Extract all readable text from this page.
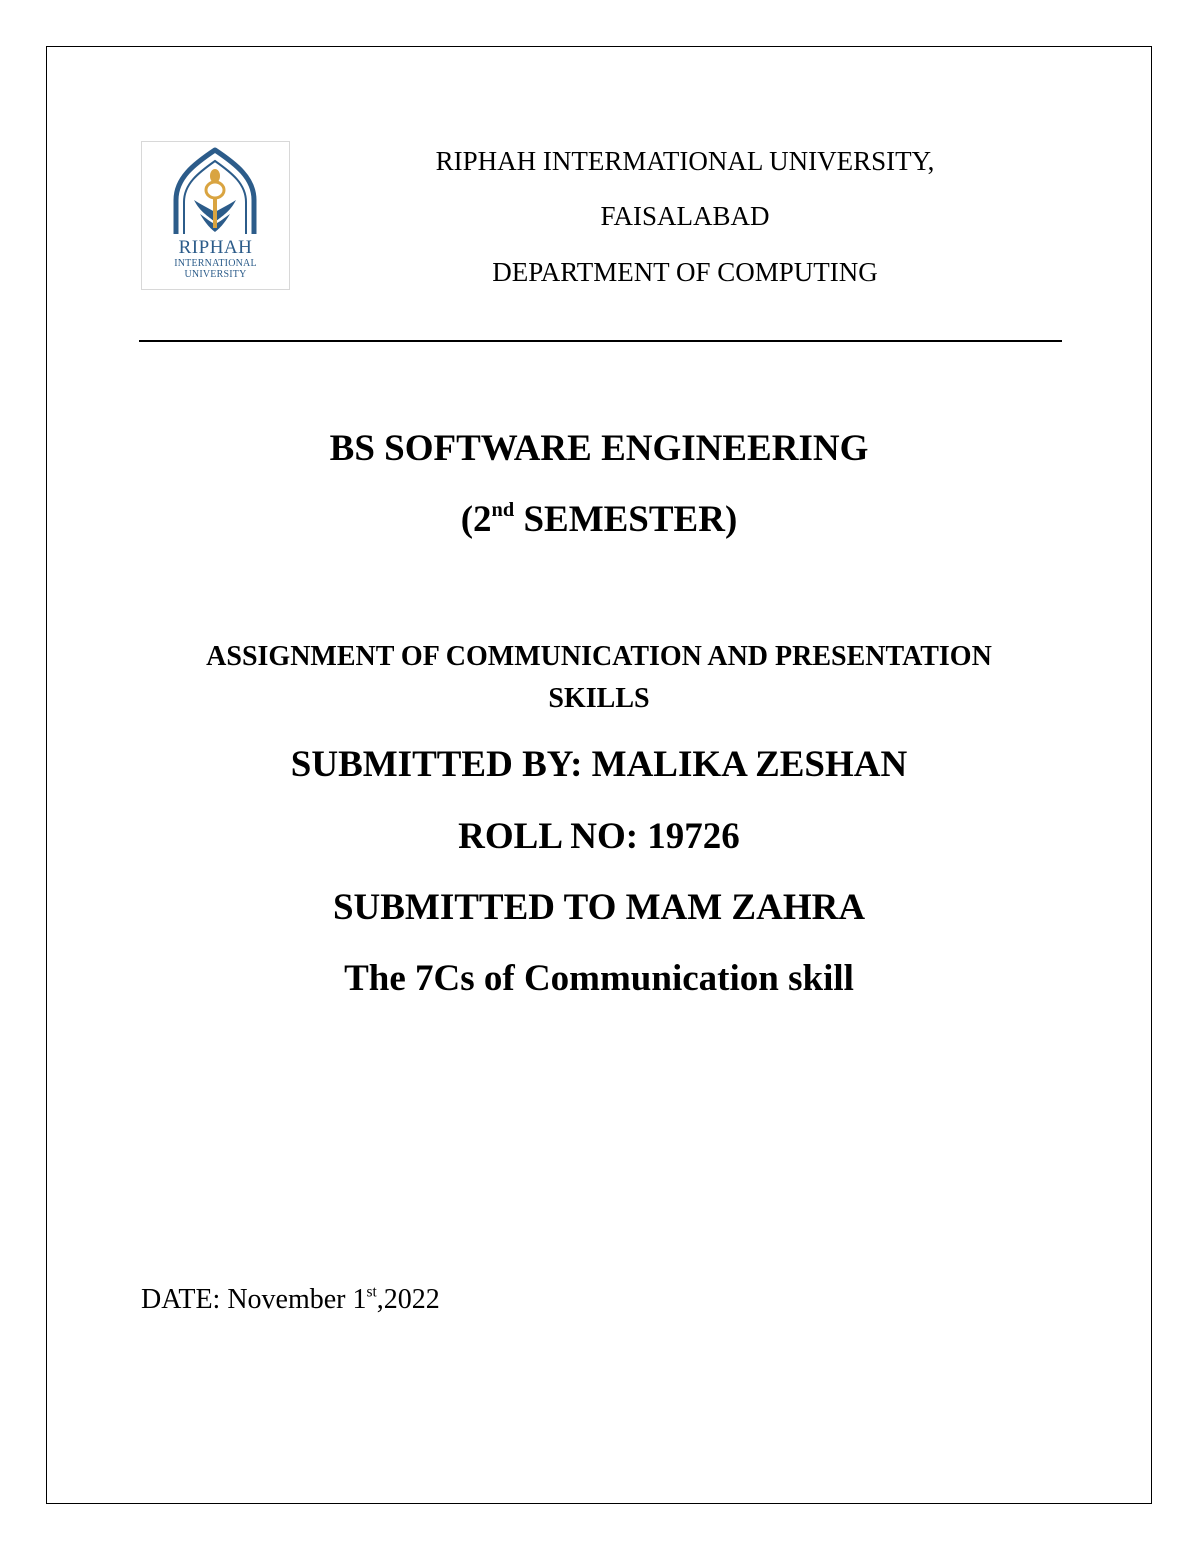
RIPHAH
INTERNATIONAL
UNIVERSITY
RIPHAH INTERMATIONAL UNIVERSITY,
FAISALABAD
DEPARTMENT OF COMPUTING
BS SOFTWARE ENGINEERING
(2nd SEMESTER)
ASSIGNMENT OF COMMUNICATION AND PRESENTATION
SKILLS
SUBMITTED BY: MALIKA ZESHAN
ROLL NO: 19726
SUBMITTED TO MAM ZAHRA
The 7Cs of Communication skill
DATE: November 1st,2022
